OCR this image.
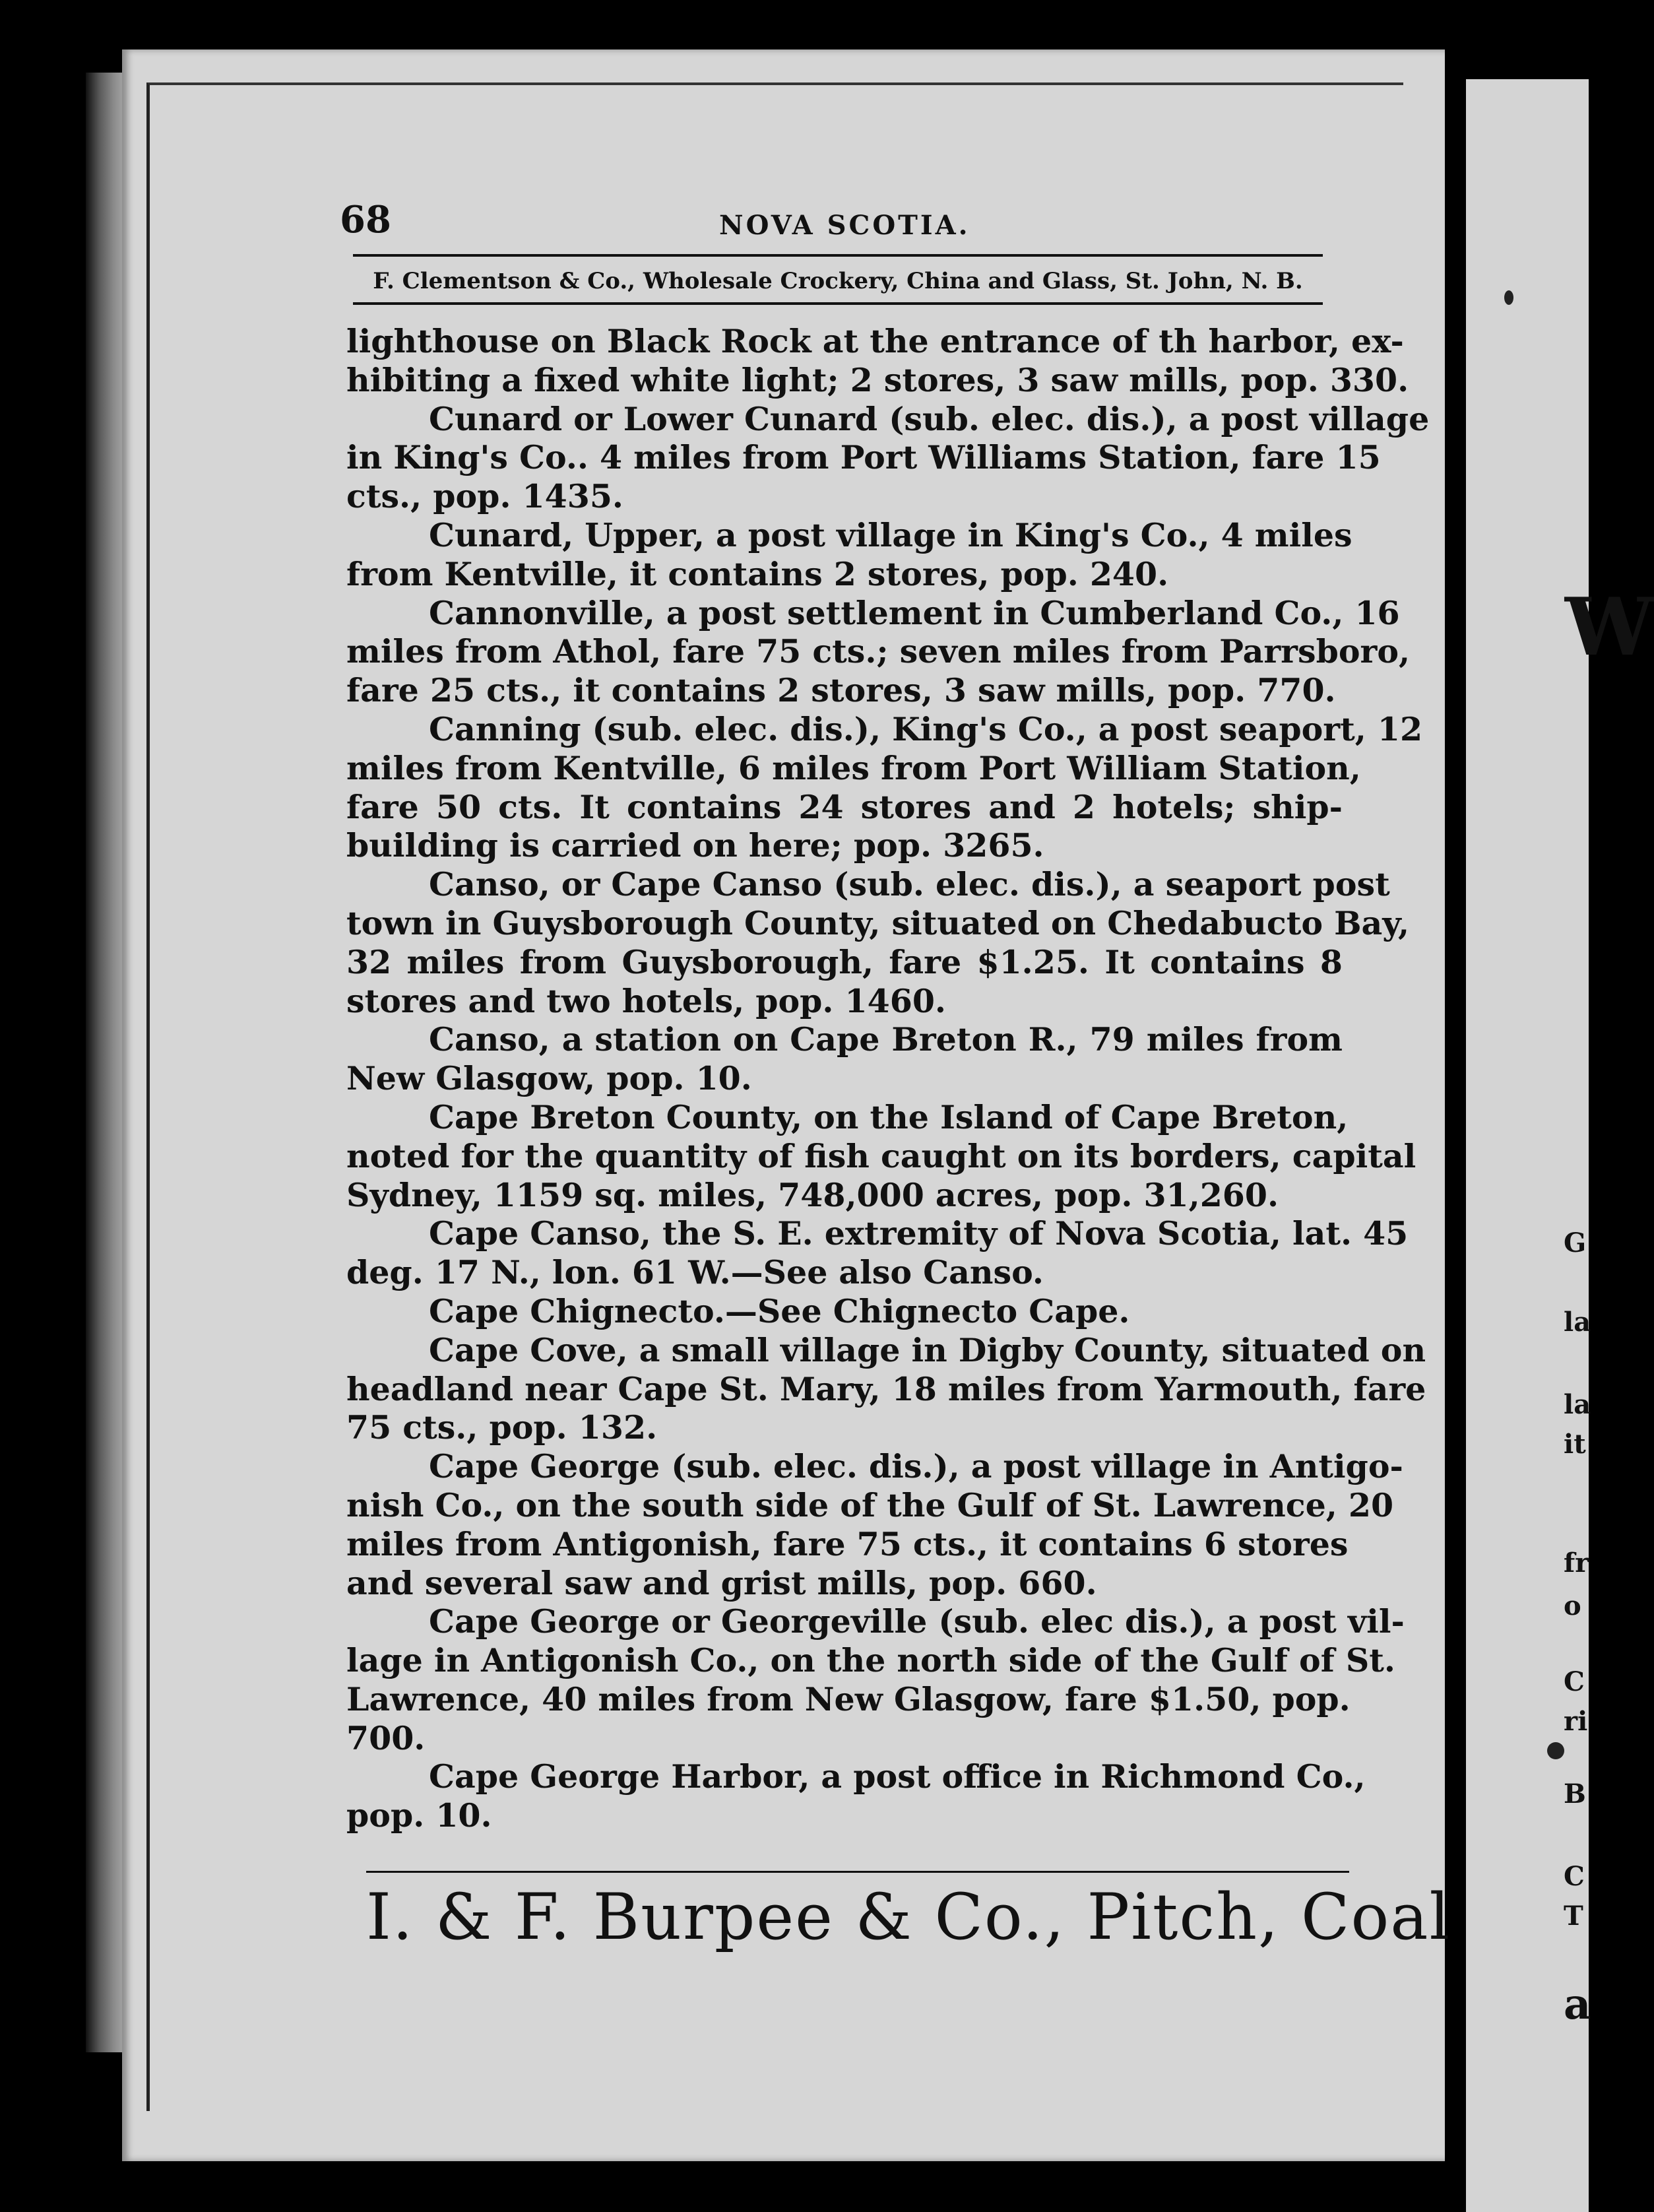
W
G
la
la
it
fr
o
C
ri
B
C
T
a
68	NOVA SCOTIA.
F. Clementson & Co., Wholesale Crockery, China and Glass, St. John, N. B.
lighthouse on Black Rock at the entrance of th harbor, ex-
hibiting a fixed white light; 2 stores, 3 saw mills, pop. 330.
Cunard or Lower Cunard (sub. elec. dis.), a post village
in King's Co.. 4 miles from Port Williams Station, fare 15
cts., pop. 1435.
Cunard, Upper, a post village in King's Co., 4 miles
from Kentville, it contains 2 stores, pop. 240.
Cannonville, a post settlement in Cumberland Co., 16
miles from Athol, fare 75 cts.; seven miles from Parrsboro,
fare 25 cts., it contains 2 stores, 3 saw mills, pop. 770.
Canning (sub. elec. dis.), King's Co., a post seaport, 12
miles from Kentville, 6 miles from Port William Station,
fare 50 cts. It contains 24 stores and 2 hotels; ship-
building is carried on here; pop. 3265.
Canso, or Cape Canso (sub. elec. dis.), a seaport post
town in Guysborough County, situated on Chedabucto Bay,
32 miles from Guysborough, fare $1.25. It contains 8
stores and two hotels, pop. 1460.
Canso, a station on Cape Breton R., 79 miles from
New Glasgow, pop. 10.
Cape Breton County, on the Island of Cape Breton,
noted for the quantity of fish caught on its borders, capital
Sydney, 1159 sq. miles, 748,000 acres, pop. 31,260.
Cape Canso, the S. E. extremity of Nova Scotia, lat. 45
deg. 17 N., lon. 61 W.—See also Canso.
Cape Chignecto.—See Chignecto Cape.
Cape Cove, a small village in Digby County, situated on
headland near Cape St. Mary, 18 miles from Yarmouth, fare
75 cts., pop. 132.
Cape George (sub. elec. dis.), a post village in Antigo-
nish Co., on the south side of the Gulf of St. Lawrence, 20
miles from Antigonish, fare 75 cts., it contains 6 stores
and several saw and grist mills, pop. 660.
Cape George or Georgeville (sub. elec dis.), a post vil-
lage in Antigonish Co., on the north side of the Gulf of St.
Lawrence, 40 miles from New Glasgow, fare $1.50, pop.
700.
Cape George Harbor, a post office in Richmond Co.,
pop. 10.
I. & F. Burpee & Co., Pitch, Coal
